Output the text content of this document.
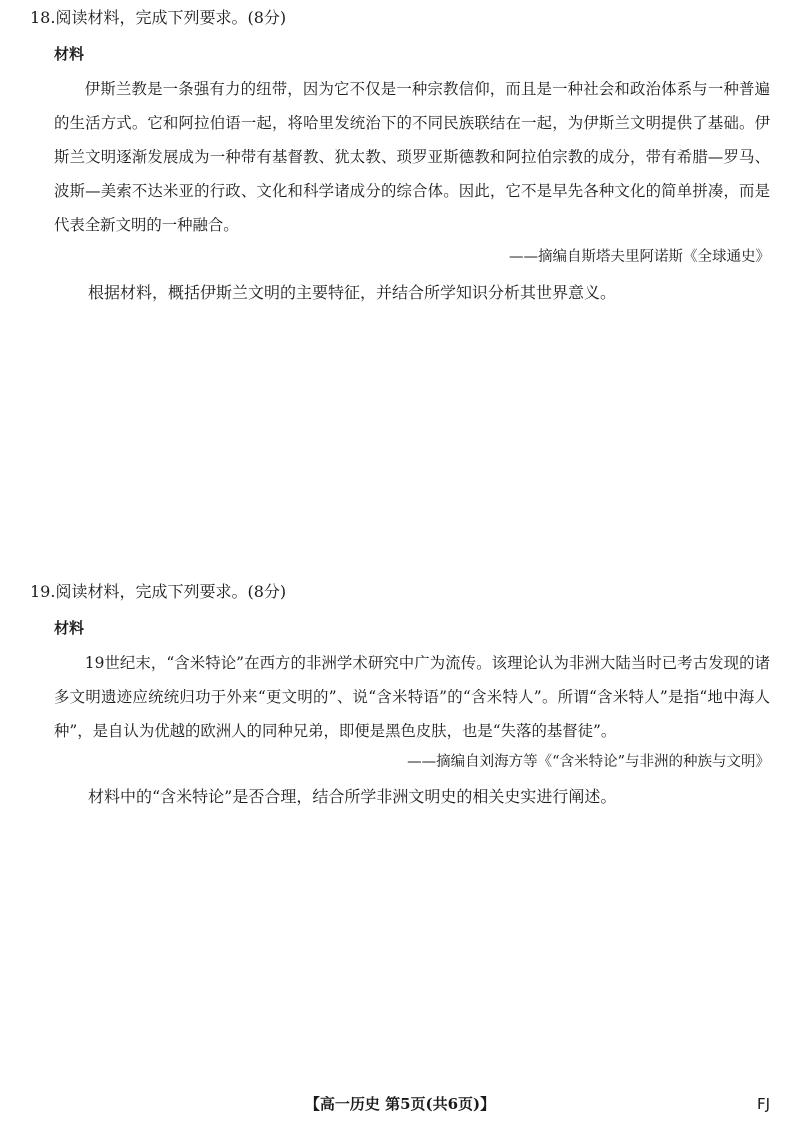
18.阅读材料，完成下列要求。(8分)
材料

伊斯兰教是一条强有力的纽带，因为它不仅是一种宗教信仰，而且是一种社会和政治体系与一种普遍的生活方式。它和阿拉伯语一起，将哈里发统治下的不同民族联结在一起，为伊斯兰文明提供了基础。伊斯兰文明逐渐发展成为一种带有基督教、犹太教、琐罗亚斯德教和阿拉伯宗教的成分，带有希腊—罗马、波斯—美索不达米亚的行政、文化和科学诸成分的综合体。因此，它不是早先各种文化的简单拼凑，而是代表全新文明的一种融合。

——摘编自斯塔夫里阿诺斯《全球通史》
根据材料，概括伊斯兰文明的主要特征，并结合所学知识分析其世界意义。
19.阅读材料，完成下列要求。(8分)
材料

19世纪末，“含米特论”在西方的非洲学术研究中广为流传。该理论认为非洲大陆当时已考古发现的诸多文明遗迹应统统归功于外来“更文明的”、说“含米特语”的“含米特人”。所谓“含米特人”是指“地中海人种”，是自认为优越的欧洲人的同种兄弟，即便是黑色皮肤，也是“失落的基督徒”。

——摘编自刘海方等《“含米特论”与非洲的种族与文明》
材料中的“含米特论”是否合理，结合所学非洲文明史的相关史实进行阐述。
【高一历史 第5页(共6页)】	FJ
